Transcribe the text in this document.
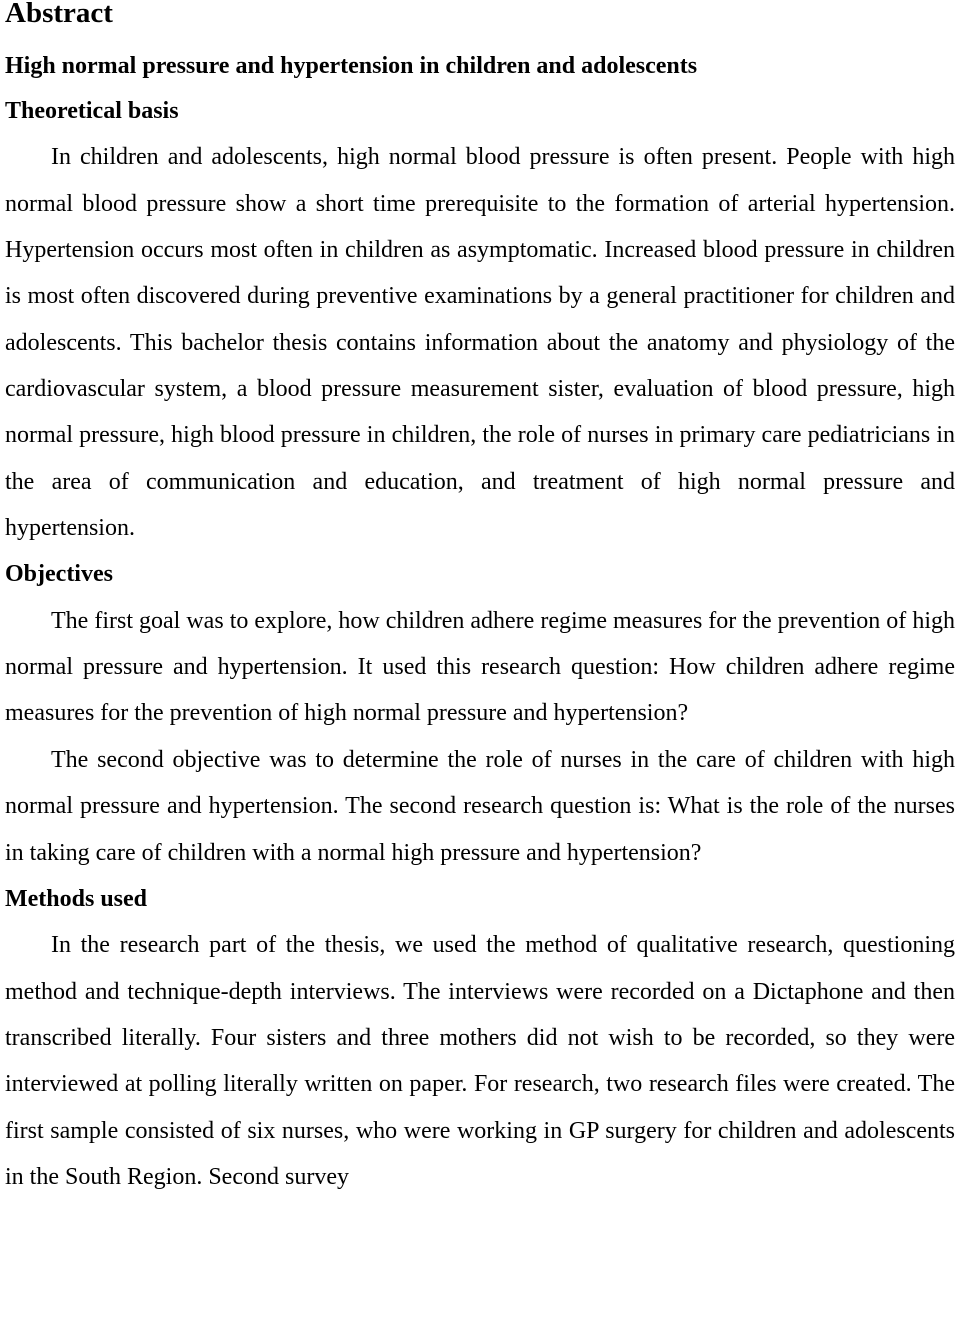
Abstract
High normal pressure and hypertension in children and adolescents
Theoretical basis

In children and adolescents, high normal blood pressure is often present. People with high normal blood pressure show a short time prerequisite to the formation of arterial hypertension. Hypertension occurs most often in children as asymptomatic. Increased blood pressure in children is most often discovered during preventive examinations by a general practitioner for children and adolescents. This bachelor thesis contains information about the anatomy and physiology of the cardiovascular system, a blood pressure measurement sister, evaluation of blood pressure, high normal pressure, high blood pressure in children, the role of nurses in primary care pediatricians in the area of communication and education, and treatment of high normal pressure and hypertension.

Objectives

The first goal was to explore, how children adhere regime measures for the prevention of high normal pressure and hypertension. It used this research question: How children adhere regime measures for the prevention of high normal pressure and hypertension?

The second objective was to determine the role of nurses in the care of children with high normal pressure and hypertension. The second research question is: What is the role of the nurses in taking care of children with a normal high pressure and hypertension?

Methods used

In the research part of the thesis, we used the method of qualitative research, questioning method and technique-depth interviews. The interviews were recorded on a Dictaphone and then transcribed literally. Four sisters and three mothers did not wish to be recorded, so they were interviewed at polling literally written on paper. For research, two research files were created. The first sample consisted of six nurses, who were working in GP surgery for children and adolescents in the South Region. Second survey
